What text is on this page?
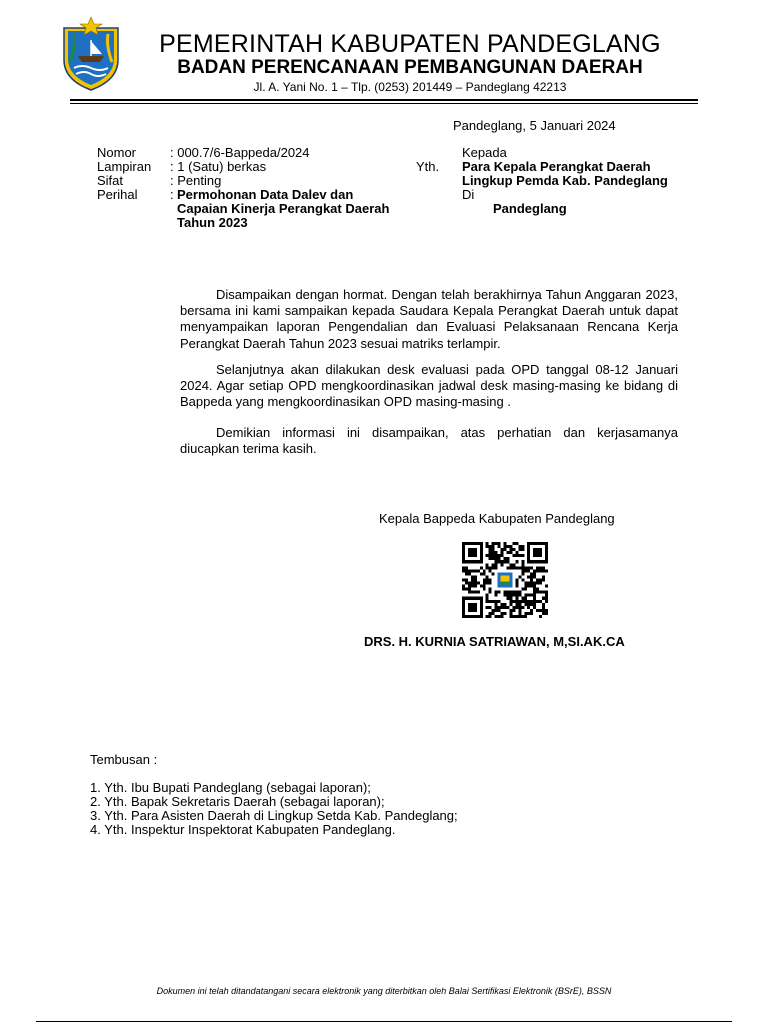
PEMERINTAH KABUPATEN PANDEGLANG
BADAN PERENCANAAN PEMBANGUNAN DAERAH
Jl. A. Yani No. 1 – Tlp. (0253) 201449 – Pandeglang 42213
Pandeglang, 5 Januari 2024
Nomor	: 000.7/6-Bappeda/2024
Lampiran : 1 (Satu) berkas
Sifat	: Penting
Perihal	: Permohonan Data Dalev dan
Capaian Kinerja Perangkat Daerah
Tahun 2023
Kepada
Yth. Para Kepala Perangkat Daerah
Lingkup Pemda Kab. Pandeglang
Di
Pandeglang
Disampaikan dengan hormat. Dengan telah berakhirnya Tahun Anggaran 2023, bersama ini kami sampaikan kepada Saudara Kepala Perangkat Daerah untuk dapat menyampaikan laporan Pengendalian dan Evaluasi Pelaksanaan Rencana Kerja Perangkat Daerah Tahun 2023 sesuai matriks terlampir.
Selanjutnya akan dilakukan desk evaluasi pada OPD tanggal 08-12 Januari 2024. Agar setiap OPD mengkoordinasikan jadwal desk masing-masing ke bidang di Bappeda yang mengkoordinasikan OPD masing-masing .
Demikian informasi ini disampaikan, atas perhatian dan kerjasamanya diucapkan terima kasih.
Kepala Bappeda Kabupaten Pandeglang
DRS. H. KURNIA SATRIAWAN, M,SI.AK.CA
Tembusan :
1. Yth. Ibu Bupati Pandeglang (sebagai laporan);
2. Yth. Bapak Sekretaris Daerah (sebagai laporan);
3. Yth. Para Asisten Daerah di Lingkup Setda Kab. Pandeglang;
4. Yth. Inspektur Inspektorat Kabupaten Pandeglang.
Dokumen ini telah ditandatangani secara elektronik yang diterbitkan oleh Balai Sertifikasi Elektronik (BSrE), BSSN
